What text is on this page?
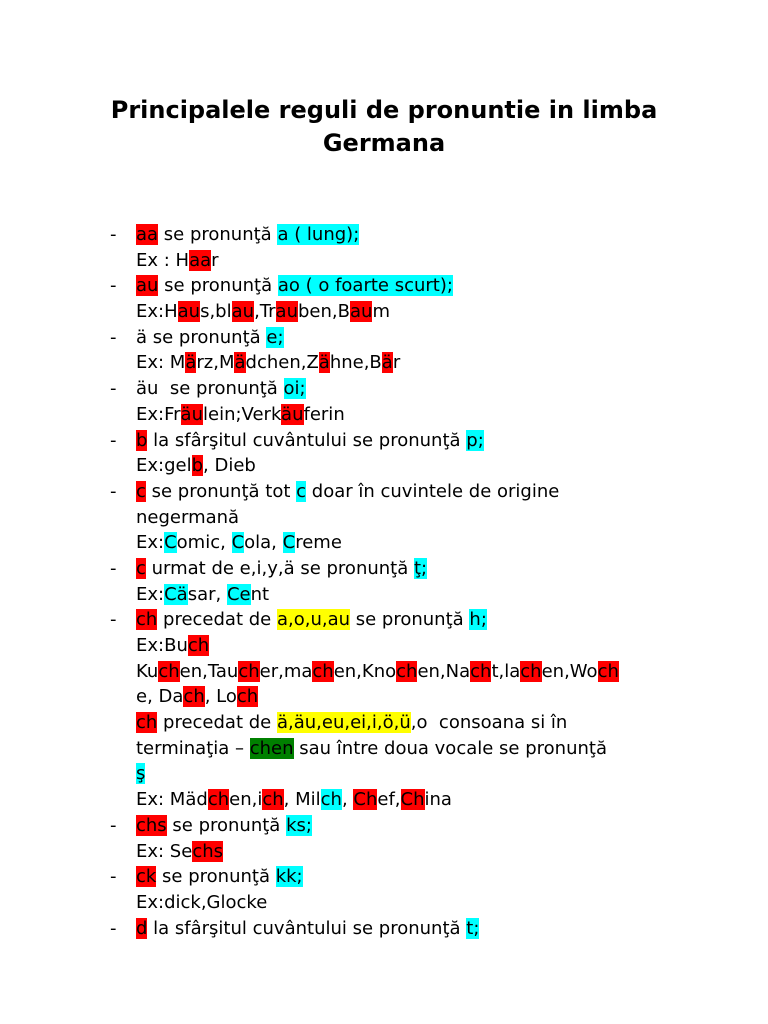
Principalele reguli de pronuntie in limba
Germana
- aa se pronunţă a ( lung);
Ex : Haar
- au se pronunţă ao ( o foarte scurt);
Ex:Haus,blau,Trauben,Baum
- ä se pronunţă e;
Ex: März,Mädchen,Zähne,Bär
- äu  se pronunţă oi;
Ex:Fräulein;Verkäuferin
- b la sfârşitul cuvântului se pronunţă p;
Ex:gelb, Dieb
- c se pronunţă tot c doar în cuvintele de origine
negermană
Ex:Comic, Cola, Creme
- c urmat de e,i,y,ä se pronunţă ţ;
Ex:Cäsar, Cent
- ch precedat de a,o,u,au se pronunţă h;
Ex:Buch
Kuchen,Taucher,machen,Knochen,Nacht,lachen,Woch
e, Dach, Loch
ch precedat de ä,äu,eu,ei,i,ö,ü,o  consoana si în
terminaţia – chen sau între doua vocale se pronunţă
ş
Ex: Mädchen,ich, Milch, Chef,China
- chs se pronunţă ks;
Ex: Sechs
- ck se pronunţă kk;
Ex:dick,Glocke
- d la sfârşitul cuvântului se pronunţă t;
